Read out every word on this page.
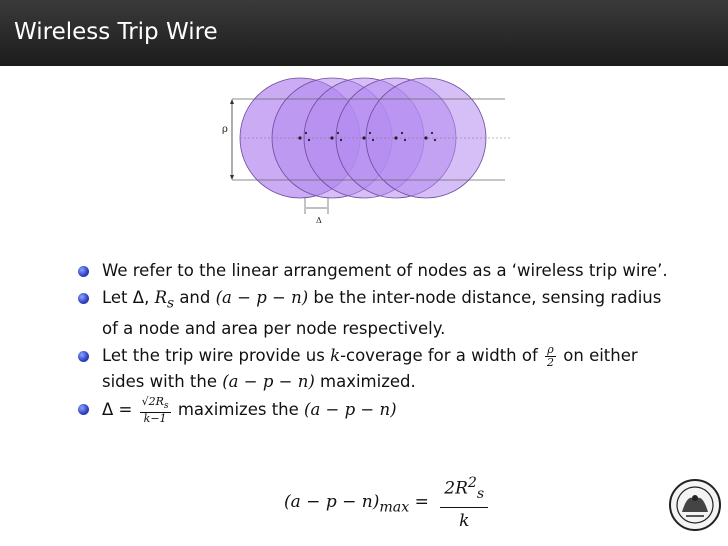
Wireless Trip Wire
ρ
Δ
We refer to the linear arrangement of nodes as a ‘wireless trip wire’.
Let Δ, $R_s$ and (a − p − n) be the inter-node distance, sensing radius of a node and area per node respectively.
Let the trip wire provide us k-coverage for a width of $\frac{\rho}{2}$ on either sides with the (a − p − n) maximized.
$\Delta = \frac{√2R_s}{k-1}$ maximizes the (a − p − n)
$(a - p - n)_{max} = \frac{2R^2_s}{k}$
